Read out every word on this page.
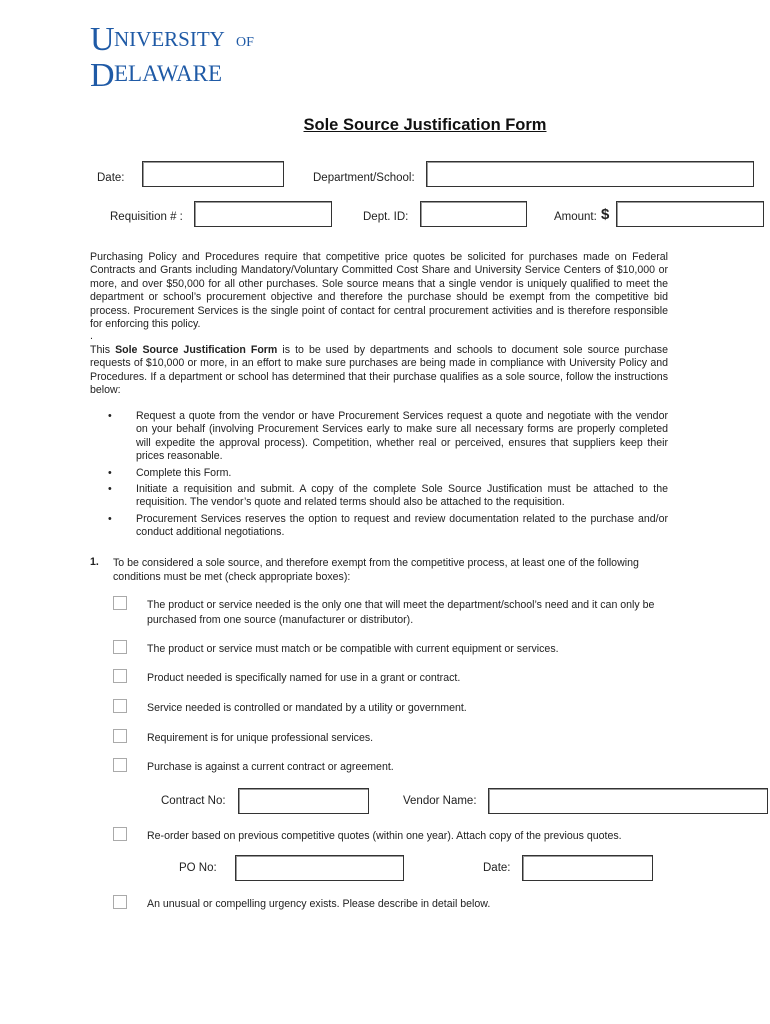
U NIVERSITY OF
D ELAWARE
Sole Source Justification Form
Date:	Department/School:
Requisition # :	Dept. ID:	Amount: $
Purchasing Policy and Procedures require that competitive price quotes be solicited for purchases made on Federal Contracts and Grants including Mandatory/Voluntary Committed Cost Share and University Service Centers of $10,000 or more, and over $50,000 for all other purchases. Sole source means that a single vendor is uniquely qualified to meet the department or school’s procurement objective and therefore the purchase should be exempt from the competitive bid process. Procurement Services is the single point of contact for central procurement activities and is therefore responsible for enforcing this policy.
.
This Sole Source Justification Form is to be used by departments and schools to document sole source purchase requests of $10,000 or more, in an effort to make sure purchases are being made in compliance with University Policy and Procedures. If a department or school has determined that their purchase qualifies as a sole source, follow the instructions below:
• Request a quote from the vendor or have Procurement Services request a quote and negotiate with the vendor on your behalf (involving Procurement Services early to make sure all necessary forms are properly completed will expedite the approval process). Competition, whether real or perceived, ensures that suppliers keep their prices reasonable.
• Complete this Form.
• Initiate a requisition and submit. A copy of the complete Sole Source Justification must be attached to the requisition. The vendor’s quote and related terms should also be attached to the requisition.
• Procurement Services reserves the option to request and review documentation related to the purchase and/or conduct additional negotiations.
1. To be considered a sole source, and therefore exempt from the competitive process, at least one of the following conditions must be met (check appropriate boxes):
The product or service needed is the only one that will meet the department/school’s need and it can only be purchased from one source (manufacturer or distributor).
The product or service must match or be compatible with current equipment or services.
Product needed is specifically named for use in a grant or contract.
Service needed is controlled or mandated by a utility or government.
Requirement is for unique professional services.
Purchase is against a current contract or agreement.
Contract No:	Vendor Name:
Re-order based on previous competitive quotes (within one year). Attach copy of the previous quotes.
PO No:	Date:
An unusual or compelling urgency exists. Please describe in detail below.
